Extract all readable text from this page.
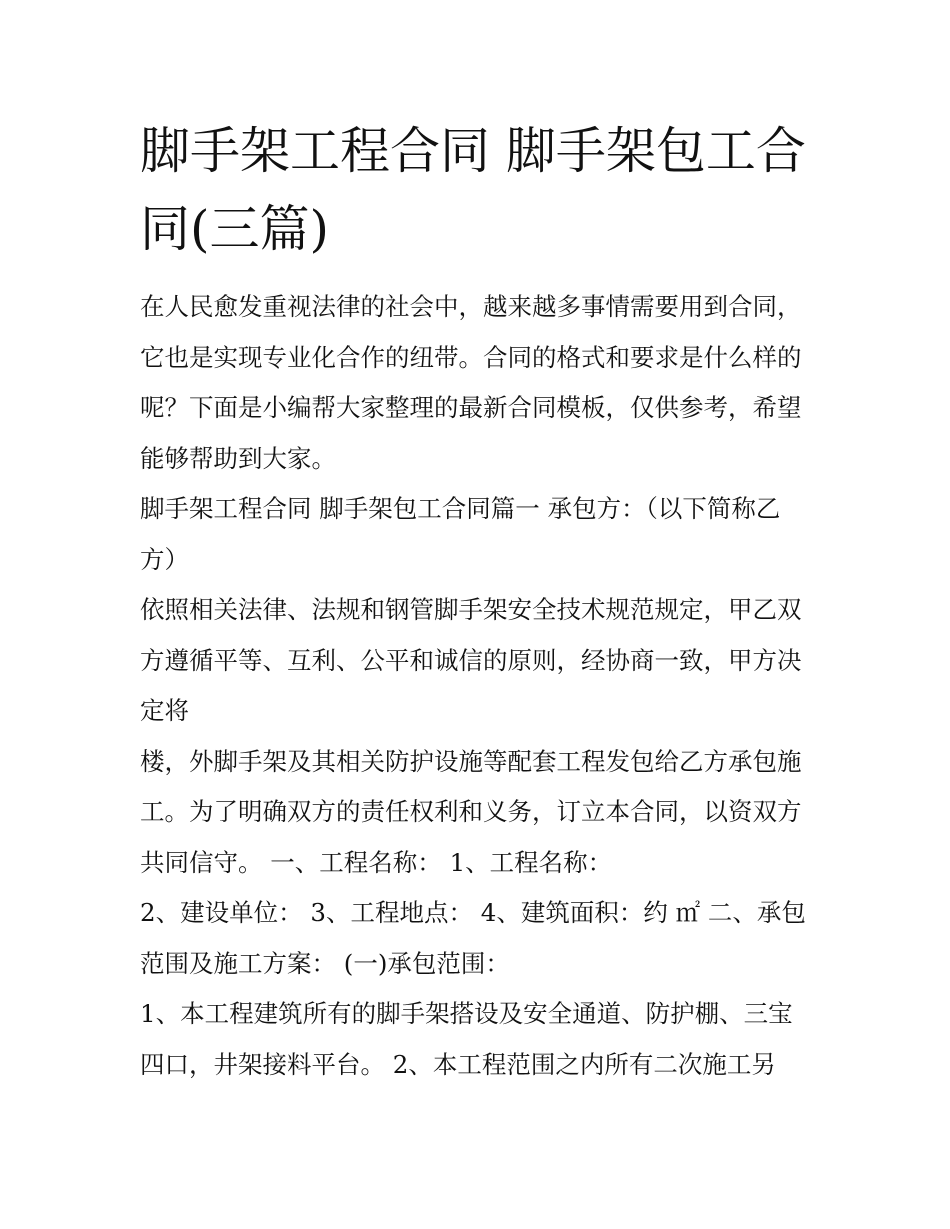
脚手架工程合同 脚手架包工合
同(三篇)

在人民愈发重视法律的社会中，越来越多事情需要用到合同，
它也是实现专业化合作的纽带。合同的格式和要求是什么样的
呢？下面是小编帮大家整理的最新合同模板，仅供参考，希望
能够帮助到大家。

脚手架工程合同 脚手架包工合同篇一 承包方：（以下简称乙
方）

依照相关法律、法规和钢管脚手架安全技术规范规定，甲乙双
方遵循平等、互利、公平和诚信的原则，经协商一致，甲方决
定将

楼，外脚手架及其相关防护设施等配套工程发包给乙方承包施
工。为了明确双方的责任权利和义务，订立本合同，以资双方
共同信守。 一、工程名称： 1、工程名称：

2、建设单位： 3、工程地点： 4、建筑面积：约 ㎡ 二、承包
范围及施工方案： (一)承包范围：

1、本工程建筑所有的脚手架搭设及安全通道、防护棚、三宝
四口，井架接料平台。 2、本工程范围之内所有二次施工另
